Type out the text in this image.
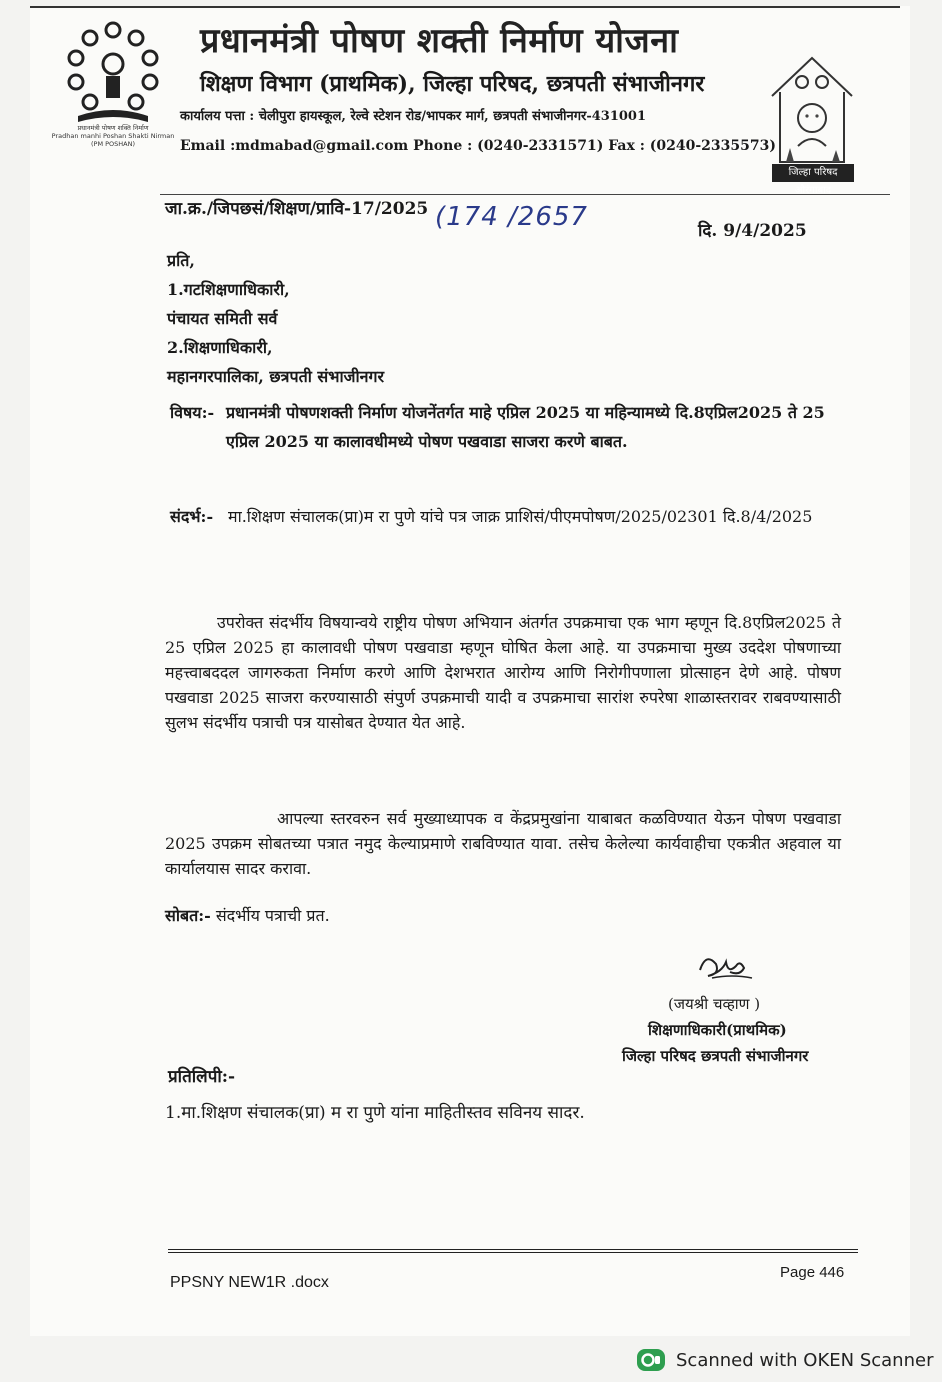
प्रधानमंत्री पोषण शक्ति निर्माण
Pradhan manhi Poshan Shakti Nirman
(PM POSHAN)
प्रधानमंत्री पोषण शक्ती निर्माण योजना
शिक्षण विभाग (प्राथमिक), जिल्हा परिषद, छत्रपती संभाजीनगर
कार्यालय पत्ता : चेलीपुरा हायस्कूल, रेल्वे स्टेशन रोड/भापकर मार्ग, छत्रपती संभाजीनगर-431001
Email :mdmabad@gmail.com Phone : (0240-2331571) Fax : (0240-2335573)
जिल्हा परिषद औरंगाबाद
जा.क्र./जिपछसं/शिक्षण/प्रावि-17/2025 (174 /2657	दि. 9/4/2025
प्रति,
1.गटशिक्षणाधिकारी,
पंचायत समिती सर्व
2.शिक्षणाधिकारी,
महानगरपालिका, छत्रपती संभाजीनगर
विषय:- प्रधानमंत्री पोषणशक्ती निर्माण योजनेंतर्गत माहे एप्रिल 2025 या महिन्यामध्ये दि.8एप्रिल2025 ते 25 एप्रिल 2025 या कालावधीमध्ये पोषण पखवाडा साजरा करणे बाबत.
संदर्भ:- मा.शिक्षण संचालक(प्रा)म रा पुणे यांचे पत्र जाक्र प्राशिसं/पीएमपोषण/2025/02301 दि.8/4/2025
उपरोक्त संदर्भीय विषयान्वये राष्ट्रीय पोषण अभियान अंतर्गत उपक्रमाचा एक भाग म्हणून दि.8एप्रिल2025 ते 25 एप्रिल 2025 हा कालावधी पोषण पखवाडा म्हणून घोषित केला आहे. या उपक्रमाचा मुख्य उददेश पोषणाच्या महत्त्वाबददल जागरुकता निर्माण करणे आणि देशभरात आरोग्य आणि निरोगीपणाला प्रोत्साहन देणे आहे. पोषण पखवाडा 2025 साजरा करण्यासाठी संपुर्ण उपक्रमाची यादी व उपक्रमाचा सारांश रुपरेषा शाळास्तरावर राबवण्यासाठी सुलभ संदर्भीय पत्राची पत्र यासोबत देण्यात येत आहे.
आपल्या स्तरवरुन सर्व मुख्याध्यापक व केंद्रप्रमुखांना याबाबत कळविण्यात येऊन पोषण पखवाडा 2025 उपक्रम सोबतच्या पत्रात नमुद केल्याप्रमाणे राबविण्यात यावा. तसेच केलेल्या कार्यवाहीचा एकत्रीत अहवाल या कार्यालयास सादर करावा.
सोबत:- संदर्भीय पत्राची प्रत.
(जयश्री चव्हाण )
शिक्षणाधिकारी(प्राथमिक)
जिल्हा परिषद छत्रपती संभाजीनगर
प्रतिलिपी:-
1.मा.शिक्षण संचालक(प्रा) म रा पुणे यांना माहितीस्तव सविनय सादर.
PPSNY NEW1R .docx
Page 446
Scanned with OKEN Scanner
